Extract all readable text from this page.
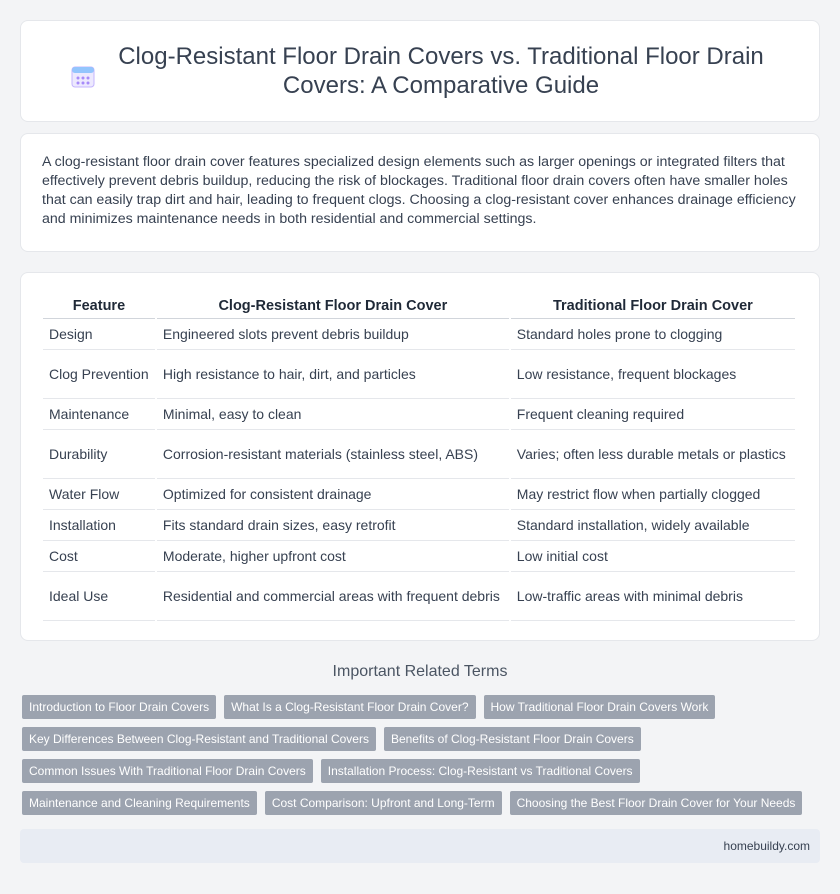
Clog-Resistant Floor Drain Covers vs. Traditional Floor Drain Covers: A Comparative Guide

A clog-resistant floor drain cover features specialized design elements such as larger openings or integrated filters that effectively prevent debris buildup, reducing the risk of blockages. Traditional floor drain covers often have smaller holes that can easily trap dirt and hair, leading to frequent clogs. Choosing a clog-resistant cover enhances drainage efficiency and minimizes maintenance needs in both residential and commercial settings.

Feature	Clog-Resistant Floor Drain Cover	Traditional Floor Drain Cover
Design	Engineered slots prevent debris buildup	Standard holes prone to clogging
Clog Prevention	High resistance to hair, dirt, and particles	Low resistance, frequent blockages
Maintenance	Minimal, easy to clean	Frequent cleaning required
Durability	Corrosion-resistant materials (stainless steel, ABS)	Varies; often less durable metals or plastics
Water Flow	Optimized for consistent drainage	May restrict flow when partially clogged
Installation	Fits standard drain sizes, easy retrofit	Standard installation, widely available
Cost	Moderate, higher upfront cost	Low initial cost
Ideal Use	Residential and commercial areas with frequent debris	Low-traffic areas with minimal debris
Important Related Terms
Introduction to Floor Drain Covers	What Is a Clog-Resistant Floor Drain Cover?	How Traditional Floor Drain Covers Work
Key Differences Between Clog-Resistant and Traditional Covers	Benefits of Clog-Resistant Floor Drain Covers
Common Issues With Traditional Floor Drain Covers	Installation Process: Clog-Resistant vs Traditional Covers
Maintenance and Cleaning Requirements	Cost Comparison: Upfront and Long-Term	Choosing the Best Floor Drain Cover for Your Needs
homebuildy.com
